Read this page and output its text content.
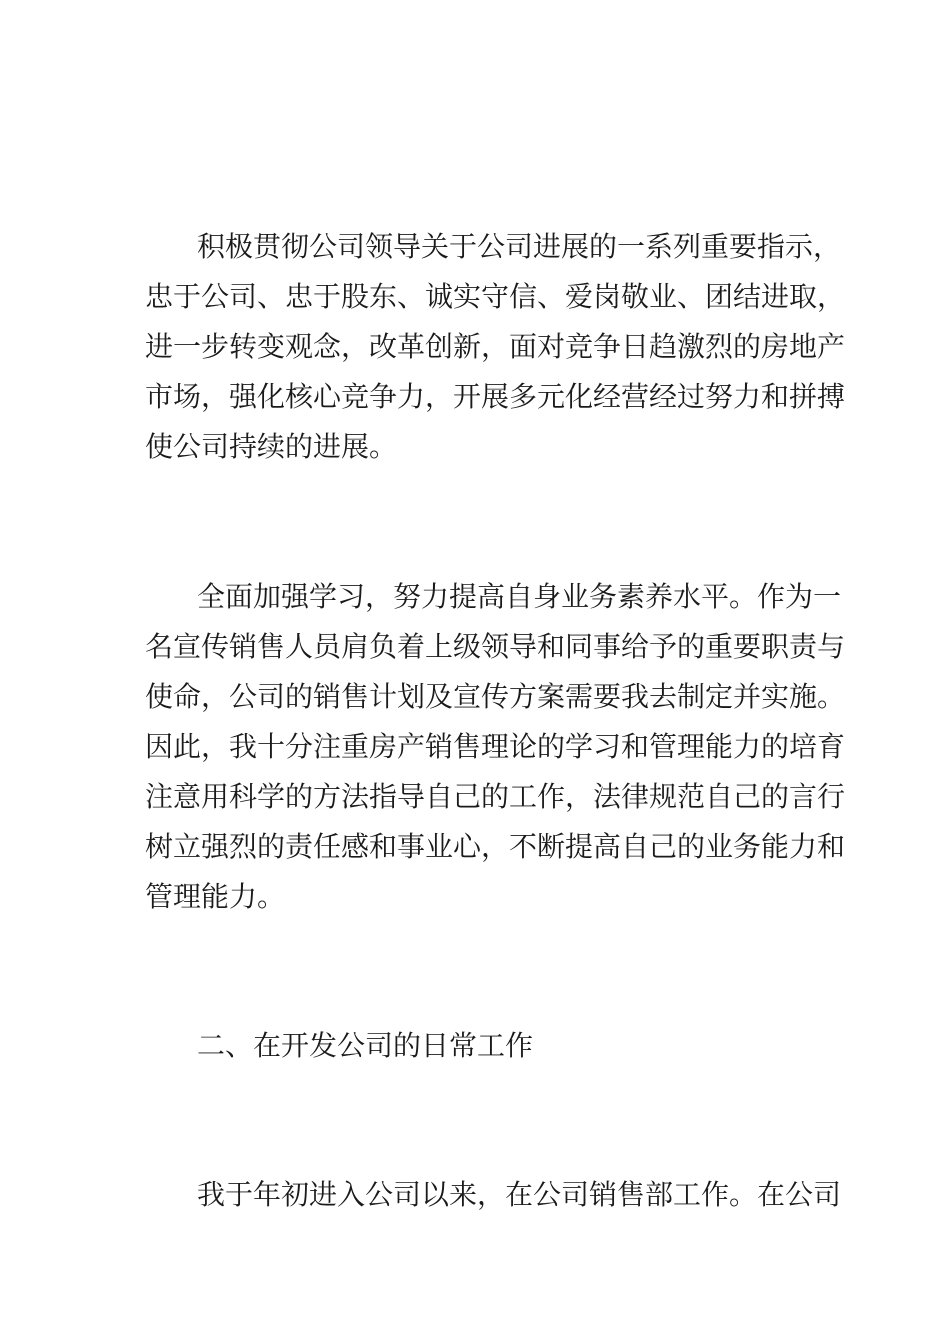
积极贯彻公司领导关于公司进展的一系列重要指示，
忠于公司、忠于股东、诚实守信、爱岗敬业、团结进取，
进一步转变观念，改革创新，面对竞争日趋激烈的房地产
市场，强化核心竞争力，开展多元化经营经过努力和拼搏
使公司持续的进展。

全面加强学习，努力提高自身业务素养水平。作为一
名宣传销售人员肩负着上级领导和同事给予的重要职责与
使命，公司的销售计划及宣传方案需要我去制定并实施。
因此，我十分注重房产销售理论的学习和管理能力的培育
注意用科学的方法指导自己的工作，法律规范自己的言行
树立强烈的责任感和事业心，不断提高自己的业务能力和
管理能力。

二、在开发公司的日常工作

我于年初进入公司以来，在公司销售部工作。在公司
